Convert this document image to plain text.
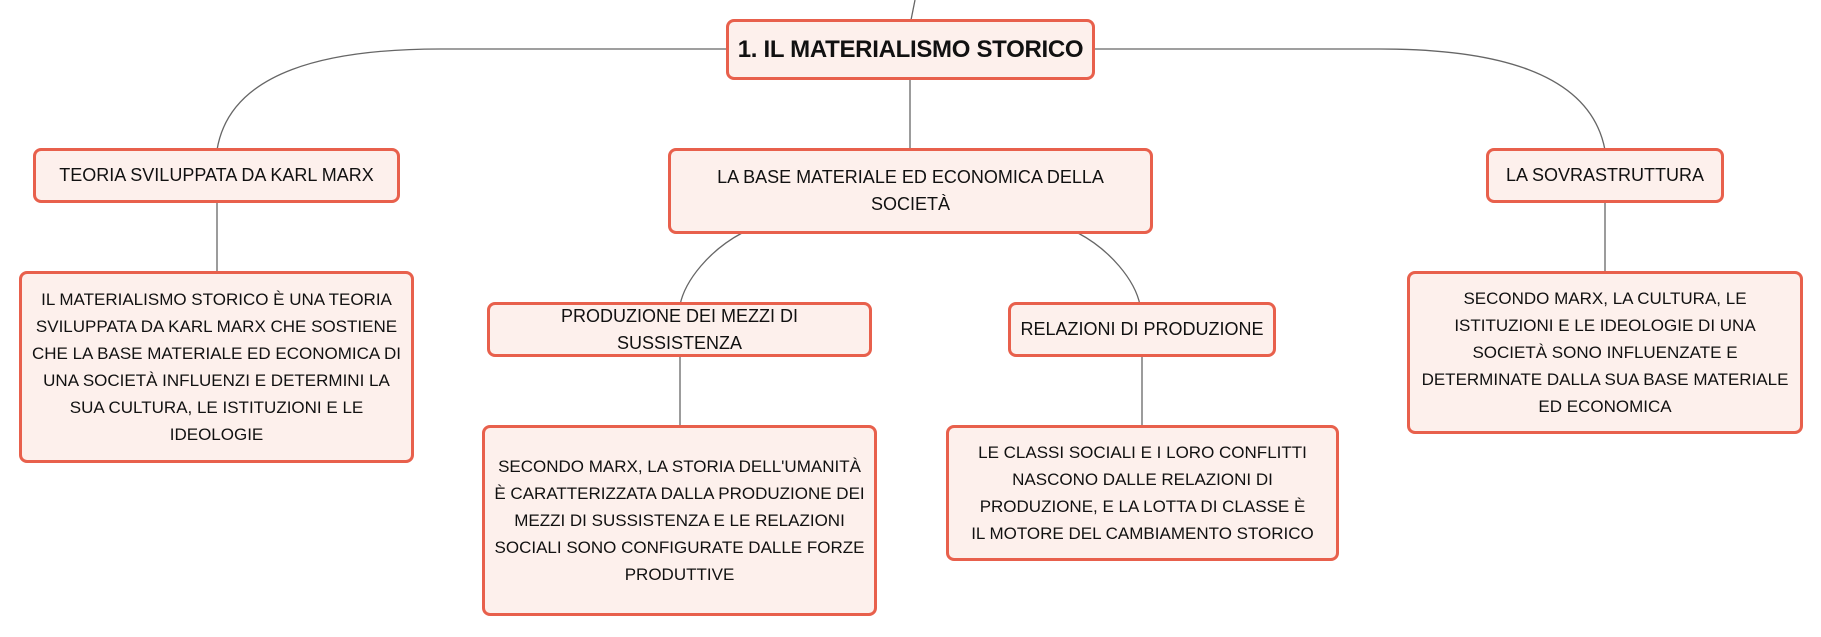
1. IL MATERIALISMO STORICO
TEORIA SVILUPPATA DA KARL MARX	LA BASE MATERIALE ED ECONOMICA DELLA SOCIETÀ
LA SOVRASTRUTTURA
IL MATERIALISMO STORICO È UNA TEORIA SVILUPPATA DA KARL MARX CHE SOSTIENE CHE LA BASE MATERIALE ED ECONOMICA DI UNA SOCIETÀ INFLUENZI E DETERMINI LA SUA CULTURA, LE ISTITUZIONI E LE IDEOLOGIE
PRODUZIONE DEI MEZZI DI SUSSISTENZA
RELAZIONI DI PRODUZIONE
SECONDO MARX, LA CULTURA, LE ISTITUZIONI E LE IDEOLOGIE DI UNA SOCIETÀ SONO INFLUENZATE E DETERMINATE DALLA SUA BASE MATERIALE ED ECONOMICA
SECONDO MARX, LA STORIA DELL'UMANITÀ È CARATTERIZZATA DALLA PRODUZIONE DEI MEZZI DI SUSSISTENZA E LE RELAZIONI SOCIALI SONO CONFIGURATE DALLE FORZE PRODUTTIVE
LE CLASSI SOCIALI E I LORO CONFLITTI NASCONO DALLE RELAZIONI DI PRODUZIONE, E LA LOTTA DI CLASSE È IL MOTORE DEL CAMBIAMENTO STORICO
